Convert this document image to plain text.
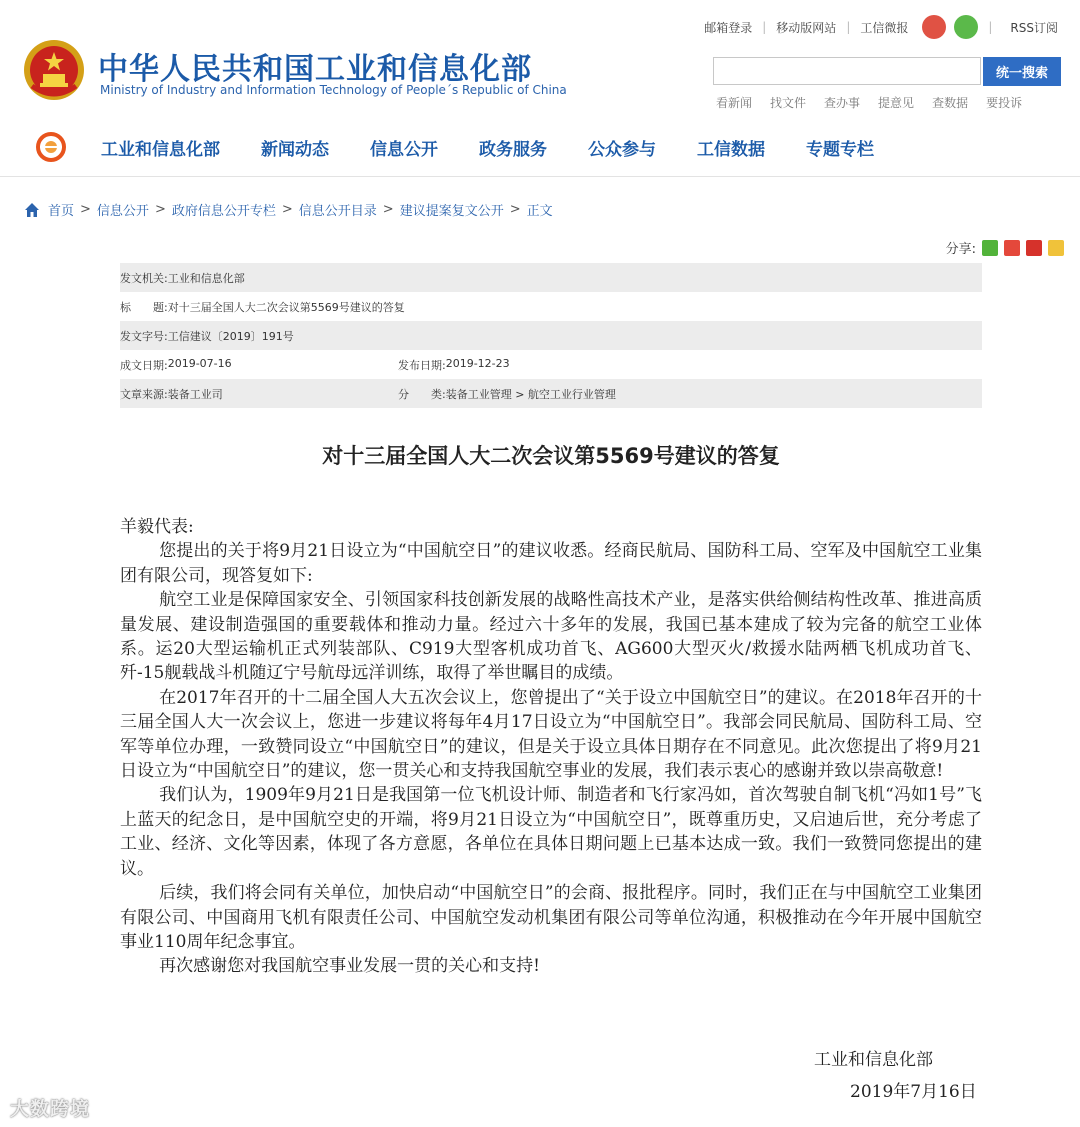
中华人民共和国工业和信息化部
Ministry of Industry and Information Technology of People´s Republic of China
邮箱登录 | 移动版网站 | 工信微报	| RSS订阅
统一搜索
看新闻 找文件 查办事 提意见 查数据 要投诉
工业和信息化部 新闻动态 信息公开 政务服务 公众参与 工信数据 专题专栏
首页 > 信息公开 > 政府信息公开专栏 > 信息公开目录 > 建议提案复文公开 > 正文
分享:
发文机关: 工业和信息化部
标　　题: 对十三届全国人大二次会议第5569号建议的答复
发文字号: 工信建议〔2019〕191号
成文日期: 2019-07-16	发布日期: 2019-12-23
文章来源: 装备工业司	分　　类: 装备工业管理 > 航空工业行业管理
对十三届全国人大二次会议第5569号建议的答复

羊毅代表:

您提出的关于将9月21日设立为“中国航空日”的建议收悉。经商民航局、国防科工局、空军及中国航空工业集团有限公司，现答复如下:

航空工业是保障国家安全、引领国家科技创新发展的战略性高技术产业，是落实供给侧结构性改革、推进高质量发展、建设制造强国的重要载体和推动力量。经过六十多年的发展，我国已基本建成了较为完备的航空工业体系。运20大型运输机正式列装部队、C919大型客机成功首飞、AG600大型灭火/救援水陆两栖飞机成功首飞、歼-15舰载战斗机随辽宁号航母远洋训练，取得了举世瞩目的成绩。

在2017年召开的十二届全国人大五次会议上，您曾提出了“关于设立中国航空日”的建议。在2018年召开的十三届全国人大一次会议上，您进一步建议将每年4月17日设立为“中国航空日”。我部会同民航局、国防科工局、空军等单位办理，一致赞同设立“中国航空日”的建议，但是关于设立具体日期存在不同意见。此次您提出了将9月21日设立为“中国航空日”的建议，您一贯关心和支持我国航空事业的发展，我们表示衷心的感谢并致以崇高敬意!

我们认为，1909年9月21日是我国第一位飞机设计师、制造者和飞行家冯如，首次驾驶自制飞机“冯如1号”飞上蓝天的纪念日，是中国航空史的开端，将9月21日设立为“中国航空日”，既尊重历史，又启迪后世，充分考虑了工业、经济、文化等因素，体现了各方意愿，各单位在具体日期问题上已基本达成一致。我们一致赞同您提出的建议。

后续，我们将会同有关单位，加快启动“中国航空日”的会商、报批程序。同时，我们正在与中国航空工业集团有限公司、中国商用飞机有限责任公司、中国航空发动机集团有限公司等单位沟通，积极推动在今年开展中国航空事业110周年纪念事宜。

再次感谢您对我国航空事业发展一贯的关心和支持!

工业和信息化部
2019年7月16日
大数跨境
